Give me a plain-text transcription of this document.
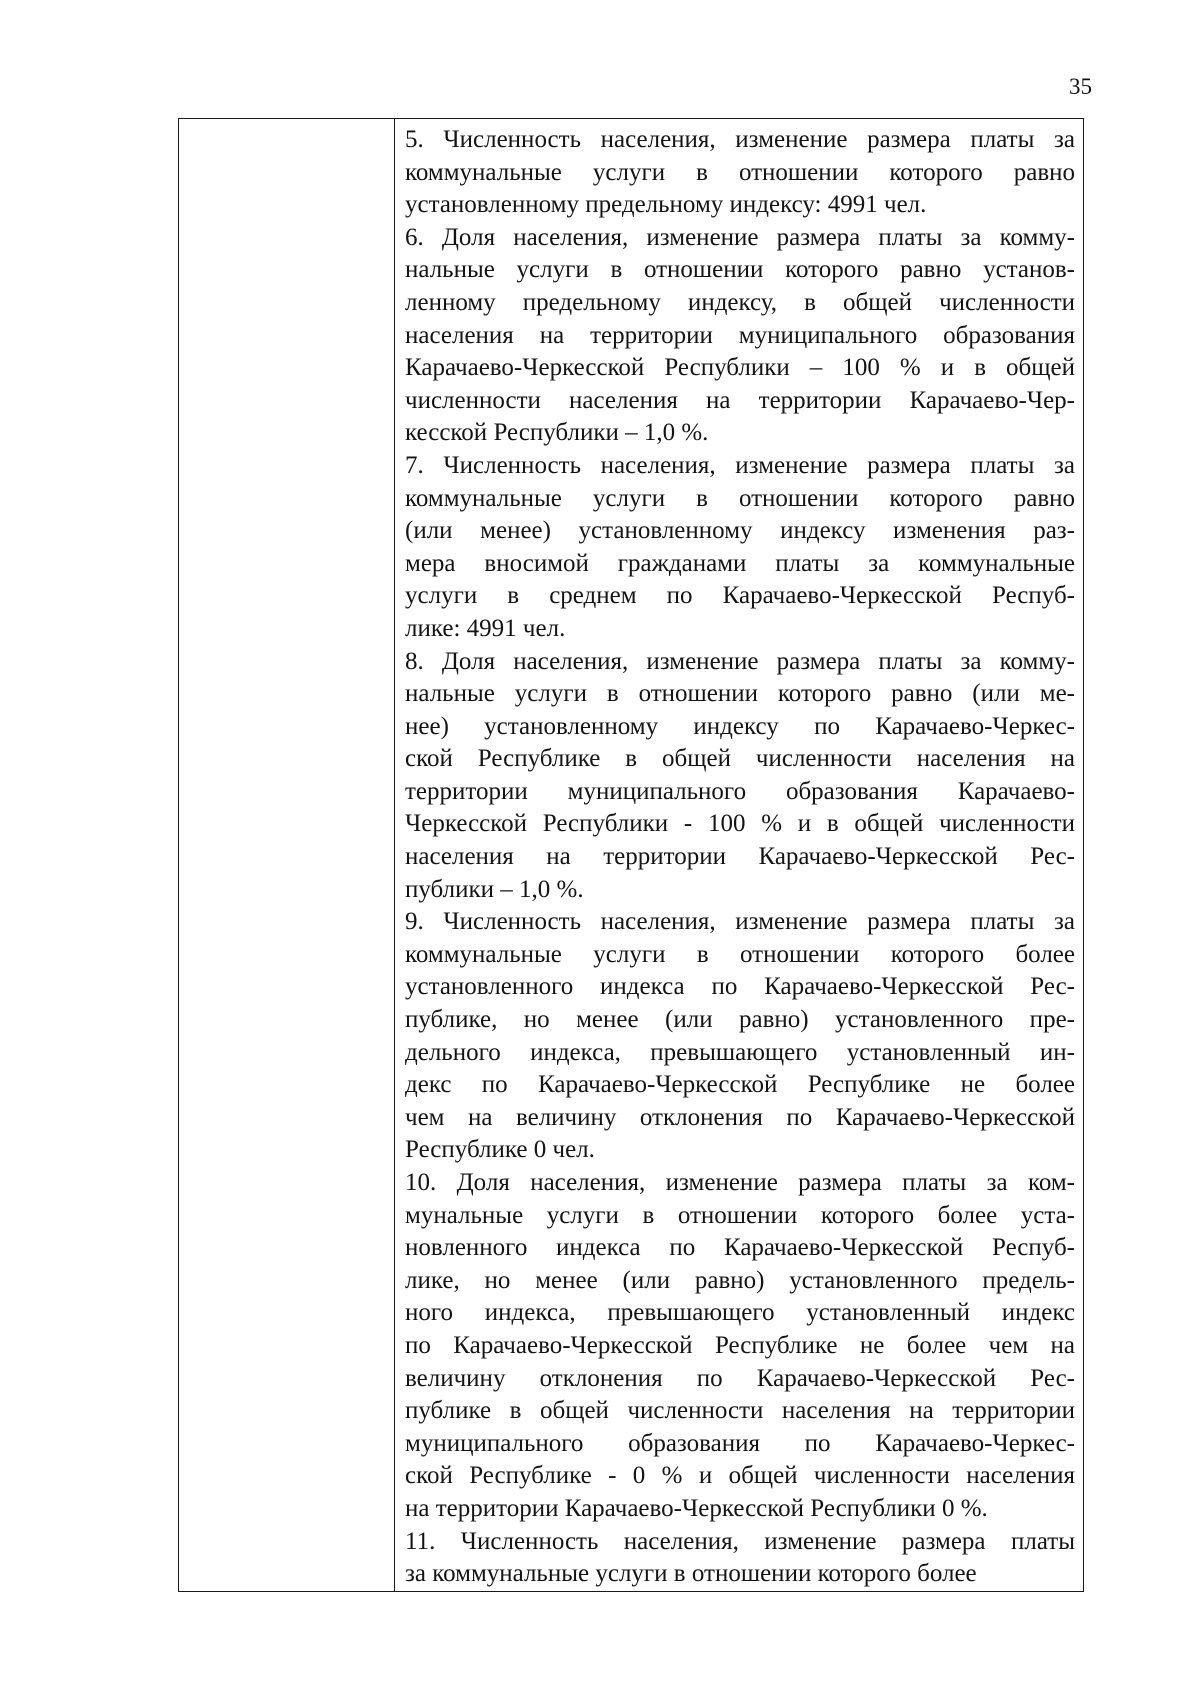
35
5. Численность населения, изменение размера платы за
коммунальные услуги в отношении которого равно
установленному предельному индексу: 4991 чел.
6. Доля населения, изменение размера платы за комму-
нальные услуги в отношении которого равно установ-
ленному предельному индексу, в общей численности
населения на территории муниципального образования
Карачаево-Черкесской Республики – 100 % и в общей
численности населения на территории Карачаево-Чер-
кесской Республики – 1,0 %.
7. Численность населения, изменение размера платы за
коммунальные услуги в отношении которого равно
(или менее) установленному индексу изменения раз-
мера вносимой гражданами платы за коммунальные
услуги в среднем по Карачаево-Черкесской Респуб-
лике: 4991 чел.
8. Доля населения, изменение размера платы за комму-
нальные услуги в отношении которого равно (или ме-
нее) установленному индексу по Карачаево-Черкес-
ской Республике в общей численности населения на
территории муниципального образования Карачаево-
Черкесской Республики - 100 % и в общей численности
населения на территории Карачаево-Черкесской Рес-
публики – 1,0 %.
9. Численность населения, изменение размера платы за
коммунальные услуги в отношении которого более
установленного индекса по Карачаево-Черкесской Рес-
публике, но менее (или равно) установленного пре-
дельного индекса, превышающего установленный ин-
декс по Карачаево-Черкесской Республике не более
чем на величину отклонения по Карачаево-Черкесской
Республике 0 чел.
10. Доля населения, изменение размера платы за ком-
мунальные услуги в отношении которого более уста-
новленного индекса по Карачаево-Черкесской Респуб-
лике, но менее (или равно) установленного предель-
ного индекса, превышающего установленный индекс
по Карачаево-Черкесской Республике не более чем на
величину отклонения по Карачаево-Черкесской Рес-
публике в общей численности населения на территории
муниципального образования по Карачаево-Черкес-
ской Республике - 0 % и общей численности населения
на территории Карачаево-Черкесской Республики 0 %.
11. Численность населения, изменение размера платы
за коммунальные услуги в отношении которого более
